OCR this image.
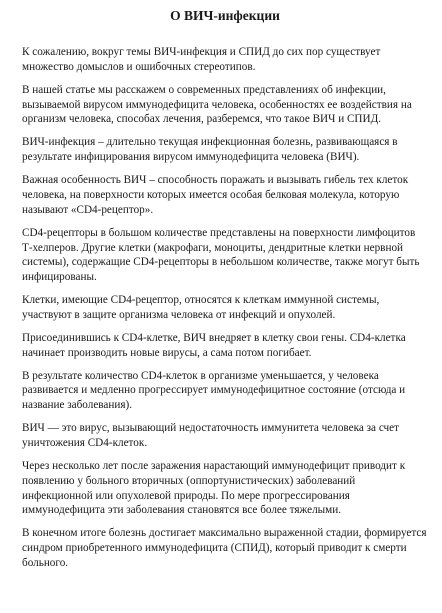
О ВИЧ-инфекции

К сожалению, вокруг темы ВИЧ-инфекция и СПИД до сих пор существует множество домыслов и ошибочных стереотипов.

В нашей статье мы расскажем о современных представлениях об инфекции, вызываемой вирусом иммунодефицита человека, особенностях ее воздействия на организм человека, способах лечения, разберемся, что такое ВИЧ и СПИД.

ВИЧ-инфекция – длительно текущая инфекционная болезнь, развивающаяся в результате инфицирования вирусом иммунодефицита человека (ВИЧ).

Важная особенность ВИЧ – способность поражать и вызывать гибель тех клеток человека, на поверхности которых имеется особая белковая молекула, которую называют «CD4-рецептор».

CD4-рецепторы в большом количестве представлены на поверхности лимфоцитов Т-хелперов. Другие клетки (макрофаги, моноциты, дендритные клетки нервной системы), содержащие CD4-рецепторы в небольшом количестве, также могут быть инфицированы.

Клетки, имеющие CD4-рецептор, относятся к клеткам иммунной системы, участвуют в защите организма человека от инфекций и опухолей.

Присоединившись к CD4-клетке, ВИЧ внедряет в клетку свои гены. CD4-клетка начинает производить новые вирусы, а сама потом погибает.

В результате количество CD4-клеток в организме уменьшается, у человека развивается и медленно прогрессирует иммунодефицитное состояние (отсюда и название заболевания).

ВИЧ — это вирус, вызывающий недостаточность иммунитета человека за счет уничтожения CD4-клеток.

Через несколько лет после заражения нарастающий иммунодефицит приводит к появлению у больного вторичных (оппортунистических) заболеваний инфекционной или опухолевой природы. По мере прогрессирования иммунодефицита эти заболевания становятся все более тяжелыми.

В конечном итоге болезнь достигает максимально выраженной стадии, формируется синдром приобретенного иммунодефицита (СПИД), который приводит к смерти больного.
